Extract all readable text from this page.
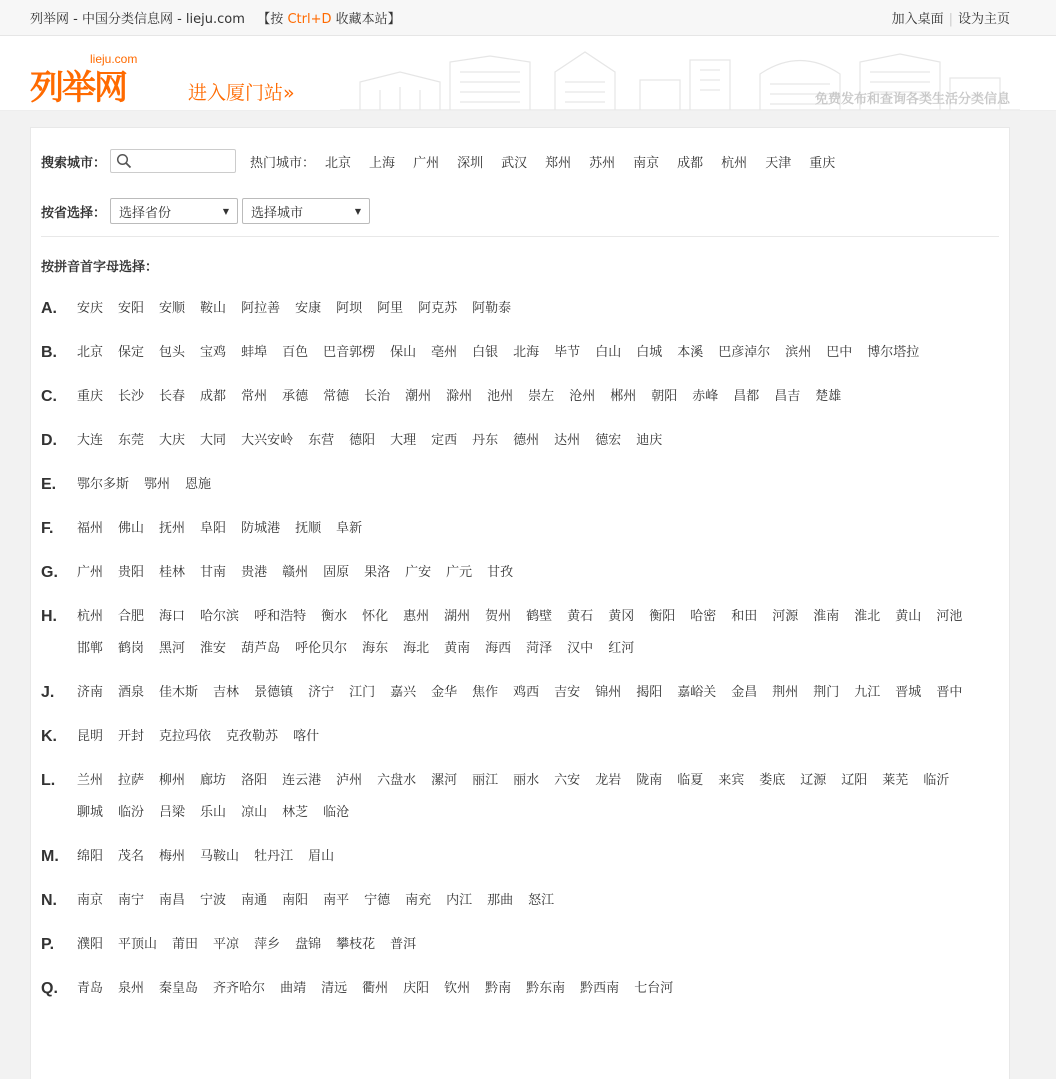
列举网 - 中国分类信息网 - lieju.com 【按 Ctrl+D 收藏本站】	加入桌面 | 设为主页
lieju.com
列举网	进入厦门站»	免费发布和查询各类生活分类信息
搜索城市：	热门城市： 北京 上海 广州 深圳 武汉 郑州 苏州 南京 成都 杭州 天津 重庆
按省选择： 选择省份	▼ 选择城市	▼
按拼音首字母选择：
A.	安庆 安阳 安顺 鞍山 阿拉善 安康 阿坝 阿里 阿克苏 阿勒泰
B.	北京 保定 包头 宝鸡 蚌埠 百色 巴音郭楞 保山 亳州 白银 北海 毕节 白山 白城 本溪 巴彦淖尔 滨州 巴中 博尔塔拉
C.	重庆 长沙 长春 成都 常州 承德 常德 长治 潮州 滁州 池州 崇左 沧州 郴州 朝阳 赤峰 昌都 昌吉 楚雄
D.	大连 东莞 大庆 大同 大兴安岭 东营 德阳 大理 定西 丹东 德州 达州 德宏 迪庆
E.	鄂尔多斯 鄂州 恩施
F.	福州 佛山 抚州 阜阳 防城港 抚顺 阜新
G.	广州 贵阳 桂林 甘南 贵港 赣州 固原 果洛 广安 广元 甘孜
H.	杭州 合肥 海口 哈尔滨 呼和浩特 衡水 怀化 惠州 湖州 贺州 鹤壁 黄石 黄冈 衡阳 哈密 和田 河源 淮南 淮北 黄山 河池
邯郸 鹤岗 黑河 淮安 葫芦岛 呼伦贝尔 海东 海北 黄南 海西 菏泽 汉中 红河
J.	济南 酒泉 佳木斯 吉林 景德镇 济宁 江门 嘉兴 金华 焦作 鸡西 吉安 锦州 揭阳 嘉峪关 金昌 荆州 荆门 九江 晋城 晋中
K.	昆明 开封 克拉玛依 克孜勒苏 喀什
L.	兰州 拉萨 柳州 廊坊 洛阳 连云港 泸州 六盘水 漯河 丽江 丽水 六安 龙岩 陇南 临夏 来宾 娄底 辽源 辽阳 莱芜 临沂
聊城 临汾 吕梁 乐山 凉山 林芝 临沧
M.	绵阳 茂名 梅州 马鞍山 牡丹江 眉山
N.	南京 南宁 南昌 宁波 南通 南阳 南平 宁德 南充 内江 那曲 怒江
P.	濮阳 平顶山 莆田 平凉 萍乡 盘锦 攀枝花 普洱
Q.	青岛 泉州 秦皇岛 齐齐哈尔 曲靖 清远 衢州 庆阳 钦州 黔南 黔东南 黔西南 七台河
